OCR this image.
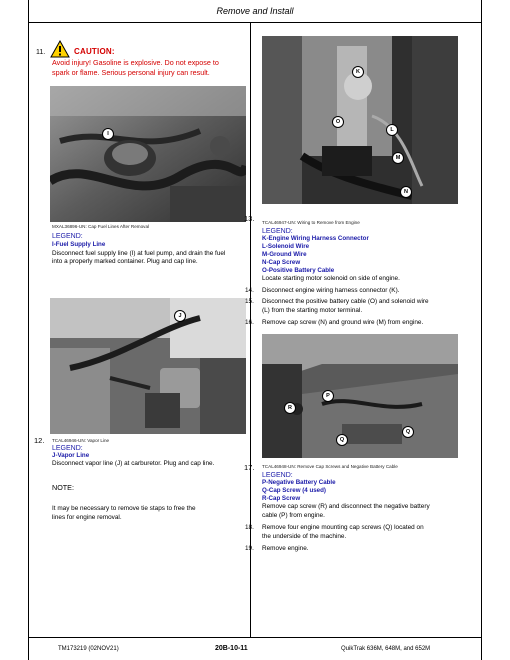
Remove and Install
11.	CAUTION:
Avoid injury! Gasoline is explosive. Do not expose to
spark or flame. Serious personal injury can result.
I
MXAL36896-UN: Cap Fuel Lines After Removal
LEGEND:
I-Fuel Supply Line
Disconnect fuel supply line (I) at fuel pump, and drain the fuel
into a properly marked container. Plug and cap line.
J
12. TCAL46946-UN: Vapor Line
LEGEND:
J-Vapor Line
Disconnect vapor line (J) at carburetor. Plug and cap line.
NOTE:
It may be necessary to remove tie staps to free the
lines for engine removal.
K
O
L
M
N
13. TCAL46947-UN: Wiring to Remove from Engine
LEGEND:
K-Engine Wiring Harness Connector
L-Solenoid Wire
M-Ground Wire
N-Cap Screw
O-Positive Battery Cable
Locate starting motor solenoid on side of engine.
14. Disconnect engine wiring harness connector (K).
15. Disconnect the positive battery cable (O) and solenoid wire
(L) from the starting motor terminal.
16. Remove cap screw (N) and ground wire (M) from engine.
P
R
Q
Q
17. TCAL46948-UN: Remove Cap Screws and Negative Battery Cable
LEGEND:
P-Negative Battery Cable
Q-Cap Screw (4 used)
R-Cap Screw
Remove cap screw (R) and disconnect the negative battery
cable (P) from engine.
18. Remove four engine mounting cap screws (Q) located on
the underside of the machine.
19. Remove engine.
TM173219 (02NOV21)	20B-10-11	QuikTrak 636M, 648M, and 652M
